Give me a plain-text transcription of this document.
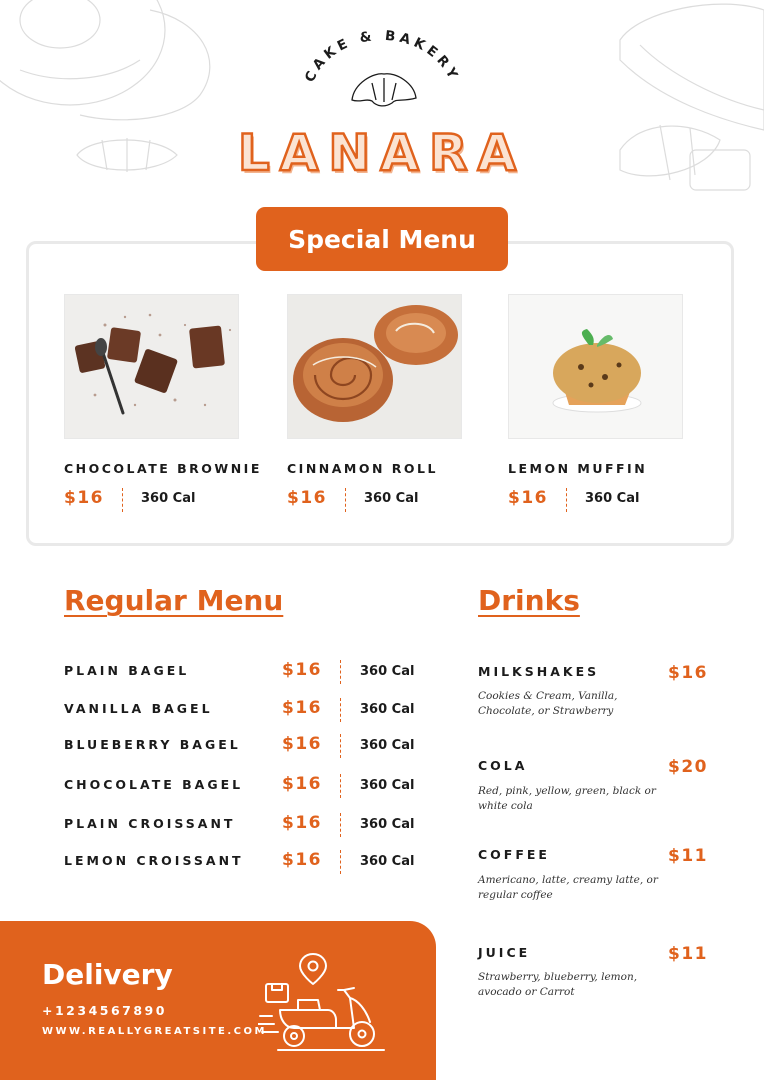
CAKE & BAKERY
LANARA
Special Menu
CHOCOLATE BROWNIE
$16	360 Cal
CINNAMON ROLL
$16	360 Cal
LEMON MUFFIN
$16	360 Cal
Regular Menu
PLAIN BAGEL	$16	360 Cal
VANILLA BAGEL	$16	360 Cal
BLUEBERRY BAGEL $16	360 Cal
CHOCOLATE BAGEL $16	360 Cal
PLAIN CROISSANT	$16	360 Cal
LEMON CROISSANT $16	360 Cal
Drinks
MILKSHAKES	$16
Cookies & Cream, Vanilla, Chocolate, or Strawberry
COLA	$20
Red, pink, yellow, green, black or white cola
COFFEE	$11
Americano, latte, creamy latte, or regular coffee
JUICE	$11
Strawberry, blueberry, lemon, avocado or Carrot
Delivery
+1234567890
WWW.REALLYGREATSITE.COM
